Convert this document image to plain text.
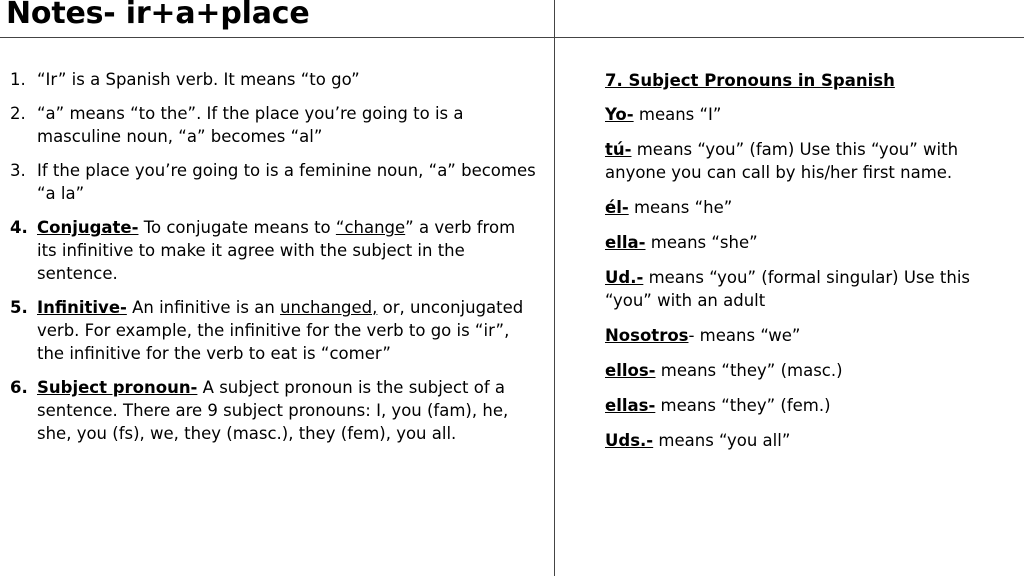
Notes- ir+a+place
1. “Ir” is a Spanish verb. It means “to go”
2. “a” means “to the”. If the place you’re going to is a masculine noun, “a” becomes “al”
3. If the place you’re going to is a feminine noun, “a” becomes “a la”
4. Conjugate- To conjugate means to “change” a verb from its infinitive to make it agree with the subject in the sentence.
5. Infinitive- An infinitive is an unchanged, or, unconjugated verb. For example, the infinitive for the verb to go is “ir”, the infinitive for the verb to eat is “comer”
6. Subject pronoun- A subject pronoun is the subject of a sentence. There are 9 subject pronouns: I, you (fam), he, she, you (fs), we, they (masc.), they (fem), you all.

7. Subject Pronouns in Spanish

Yo- means “I”

tú- means “you” (fam) Use this “you” with anyone you can call by his/her first name.

él- means “he”

ella- means “she”

Ud.- means “you” (formal singular) Use this “you” with an adult

Nosotros- means “we”

ellos- means “they” (masc.)

ellas- means “they” (fem.)

Uds.- means “you all”
